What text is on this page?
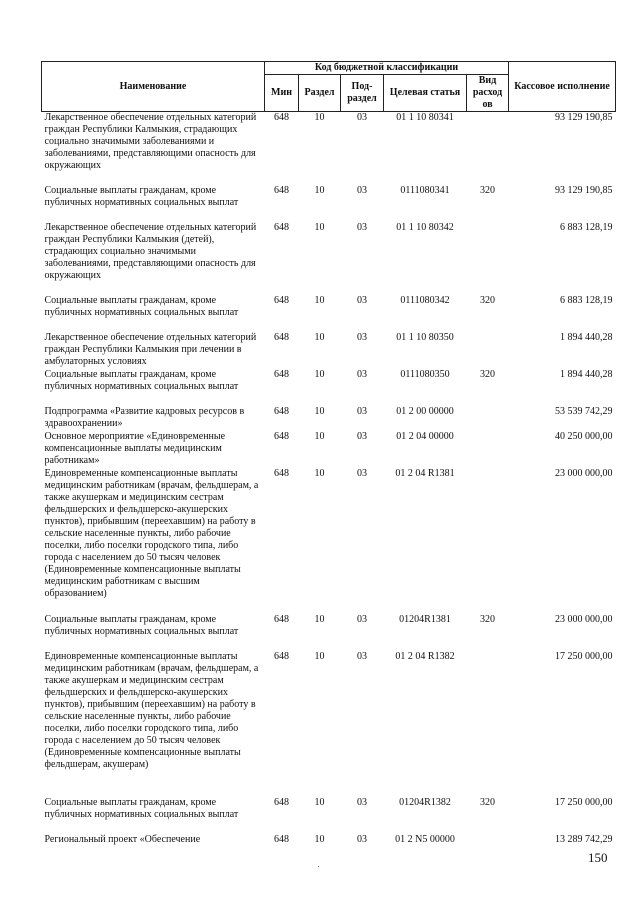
Наименование	Код бюджетной классификации					Кассовое исполнение
	Мин	Раздел	Под-раздел	Целевая статья	Вид расход ов	
Лекарственное обеспечение отдельных категорий граждан Республики Калмыкия, страдающих социально значимыми заболеваниями и заболеваниями, представляющими опасность для окружающих	648	10	03	01 1 10 80341		93 129 190,85
Социальные выплаты гражданам, кроме публичных нормативных социальных выплат	648	10	03	0111080341	320	93 129 190,85
Лекарственное обеспечение отдельных категорий граждан Республики Калмыкия (детей), страдающих социально значимыми заболеваниями, представляющими опасность для окружающих	648	10	03	01 1 10 80342		6 883 128,19
Социальные выплаты гражданам, кроме публичных нормативных социальных выплат	648	10	03	0111080342	320	6 883 128,19
Лекарственное обеспечение отдельных категорий граждан Республики Калмыкия при лечении в амбулаторных условиях	648	10	03	01 1 10 80350		1 894 440,28
Социальные выплаты гражданам, кроме публичных нормативных социальных выплат	648	10	03	0111080350	320	1 894 440,28
Подпрограмма «Развитие кадровых ресурсов в здравоохранении»	648	10	03	01 2 00 00000		53 539 742,29
Основное мероприятие «Единовременные компенсационные выплаты медицинским работникам»	648	10	03	01 2 04 00000		40 250 000,00
Единовременные компенсационные выплаты медицинским работникам (врачам, фельдшерам, а также акушеркам и медицинским сестрам фельдшерских и фельдшерско-акушерских пунктов), прибывшим (переехавшим) на работу в сельские населенные пункты, либо рабочие поселки, либо поселки городского типа, либо города с населением до 50 тысяч человек (Единовременные компенсационные выплаты медицинским работникам с высшим образованием)	648	10	03	01 2 04 R1381		23 000 000,00
Социальные выплаты гражданам, кроме публичных нормативных социальных выплат	648	10	03	01204R1381	320	23 000 000,00
Единовременные компенсационные выплаты медицинским работникам (врачам, фельдшерам, а также акушеркам и медицинским сестрам фельдшерских и фельдшерско-акушерских пунктов), прибывшим (переехавшим) на работу в сельские населенные пункты, либо рабочие поселки, либо поселки городского типа, либо города с населением до 50 тысяч человек (Единовременные компенсационные выплаты фельдшерам, акушерам)	648	10	03	01 2 04 R1382		17 250 000,00
Социальные выплаты гражданам, кроме публичных нормативных социальных выплат	648	10	03	01204R1382	320	17 250 000,00
Региональный проект «Обеспечение	648	10	03	01 2 N5 00000		13 289 742,29
150
